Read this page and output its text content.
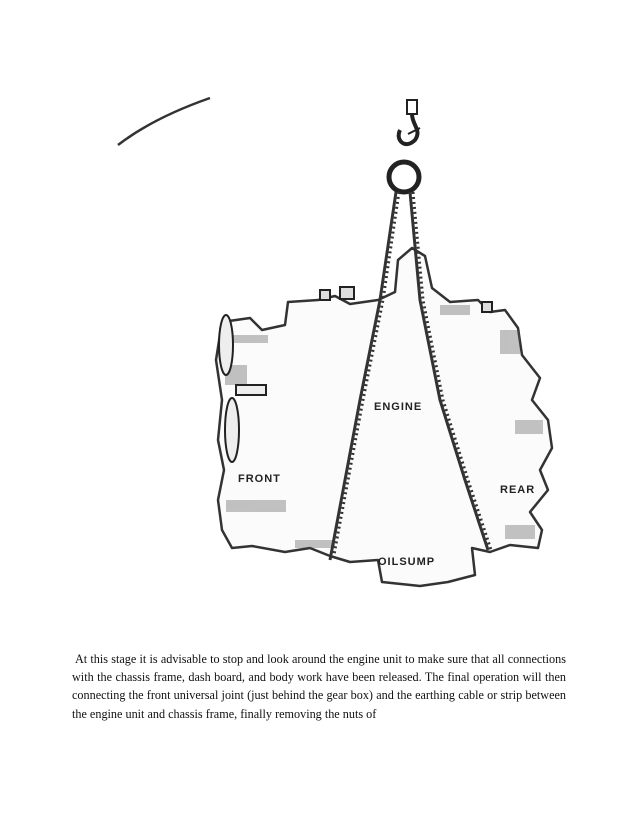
ENGINE
FRONT
REAR
OILSUMP

At this stage it is advisable to stop and look around the engine unit to make sure that all connections with the chassis frame, dash board, and body work have been released. The final operation will then connecting the front universal joint (just behind the gear box) and the earthing cable or strip between the engine unit and chassis frame, finally removing the nuts of
